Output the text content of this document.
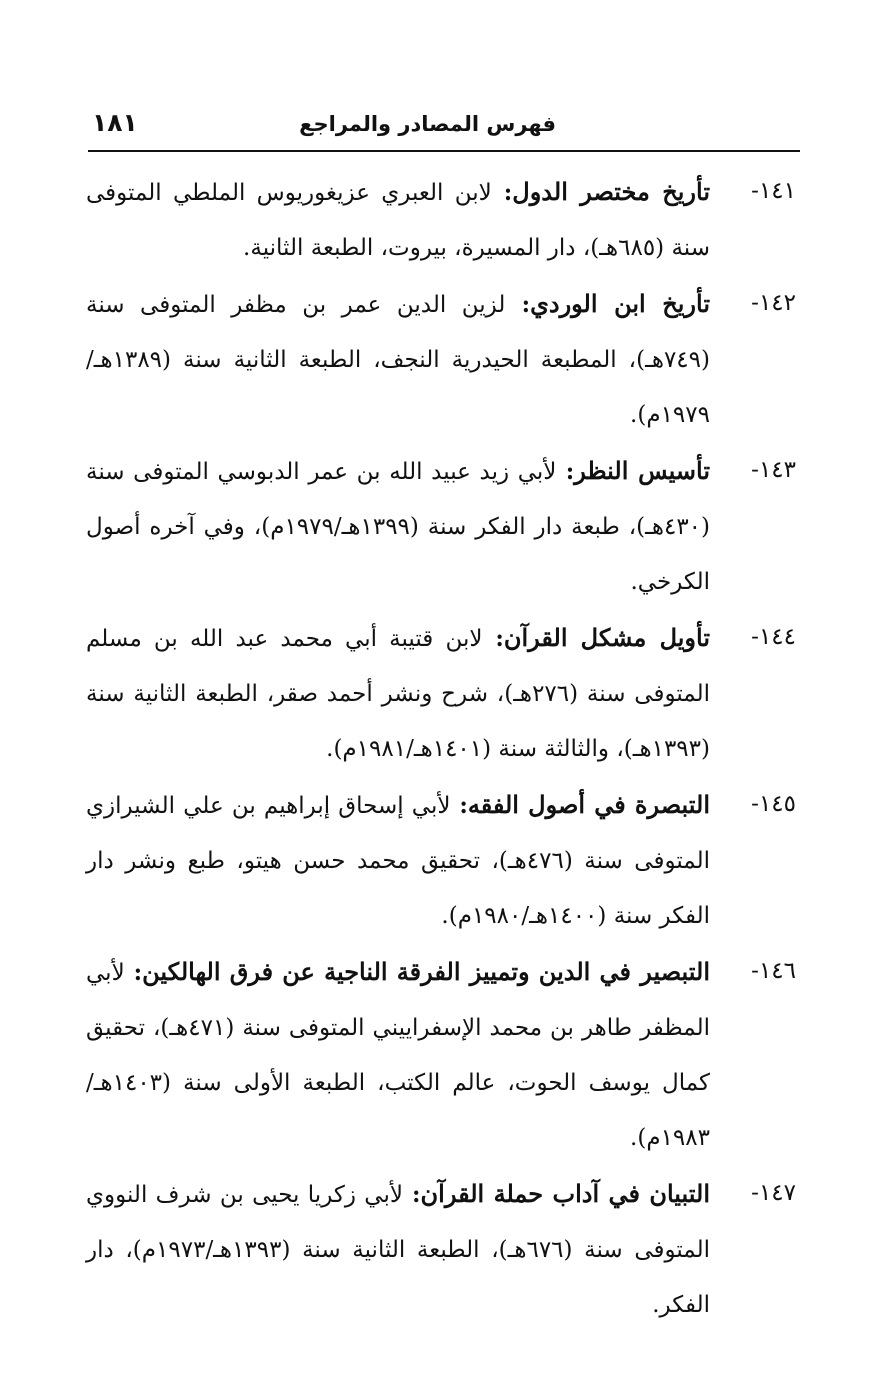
فهرس المصادر والمراجع
١٨١
١٤١-
تأريخ مختصر الدول: لابن العبري عزيغوريوس الملطي المتوفى سنة (٦٨٥هـ)، دار المسيرة، بيروت، الطبعة الثانية.
١٤٢-
تأريخ ابن الوردي: لزين الدين عمر بن مظفر المتوفى سنة (٧٤٩هـ)، المطبعة الحيدرية النجف، الطبعة الثانية سنة (١٣٨٩هـ/١٩٧٩م).
١٤٣-
تأسيس النظر: لأبي زيد عبيد الله بن عمر الدبوسي المتوفى سنة (٤٣٠هـ)، طبعة دار الفكر سنة (١٣٩٩هـ/١٩٧٩م)، وفي آخره أصول الكرخي.
١٤٤-
تأويل مشكل القرآن: لابن قتيبة أبي محمد عبد الله بن مسلم المتوفى سنة (٢٧٦هـ)، شرح ونشر أحمد صقر، الطبعة الثانية سنة (١٣٩٣هـ)، والثالثة سنة (١٤٠١هـ/١٩٨١م).
١٤٥-
التبصرة في أصول الفقه: لأبي إسحاق إبراهيم بن علي الشيرازي المتوفى سنة (٤٧٦هـ)، تحقيق محمد حسن هيتو، طبع ونشر دار الفكر سنة (١٤٠٠هـ/١٩٨٠م).
١٤٦-
التبصير في الدين وتمييز الفرقة الناجية عن فرق الهالكين: لأبي المظفر طاهر بن محمد الإسفراييني المتوفى سنة (٤٧١هـ)، تحقيق كمال يوسف الحوت، عالم الكتب، الطبعة الأولى سنة (١٤٠٣هـ/ ١٩٨٣م).
١٤٧-
التبيان في آداب حملة القرآن: لأبي زكريا يحيى بن شرف النووي المتوفى سنة (٦٧٦هـ)، الطبعة الثانية سنة (١٣٩٣هـ/١٩٧٣م)، دار الفكر.
